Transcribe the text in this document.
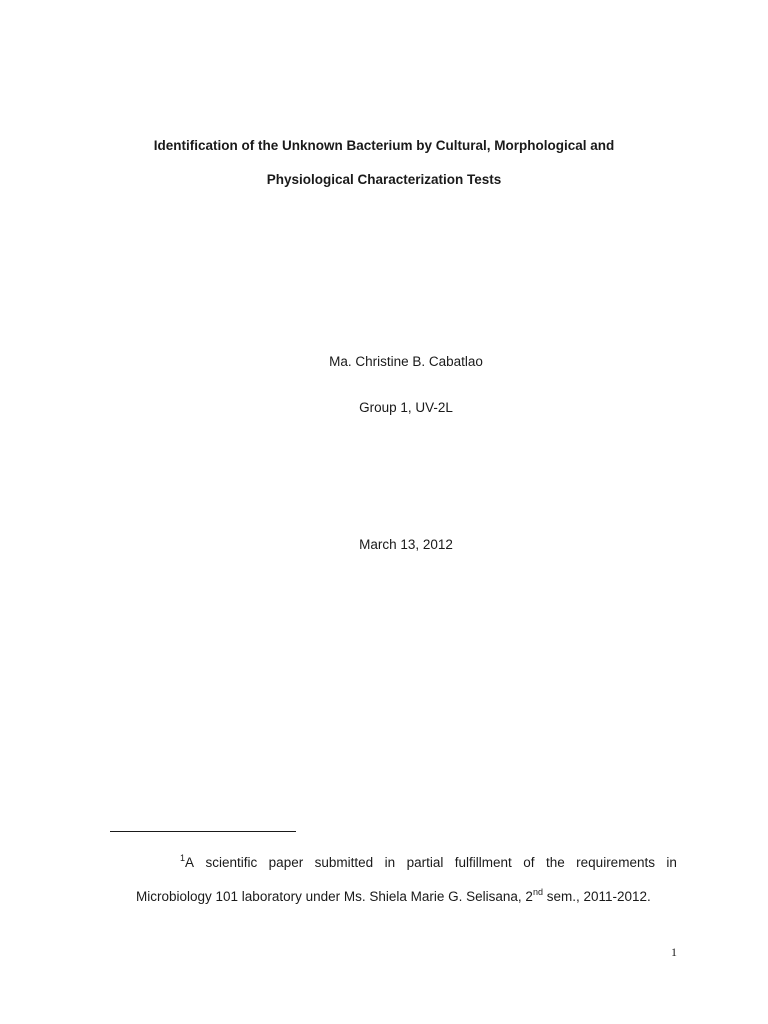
Identification of the Unknown Bacterium by Cultural, Morphological and
Physiological Characterization Tests
Ma. Christine B. Cabatlao
Group 1, UV-2L
March 13, 2012
$^1$A scientific paper submitted in partial fulfillment of the requirements in
Microbiology 101 laboratory under Ms. Shiela Marie G. Selisana, 2nd sem., 2011-2012.
1
